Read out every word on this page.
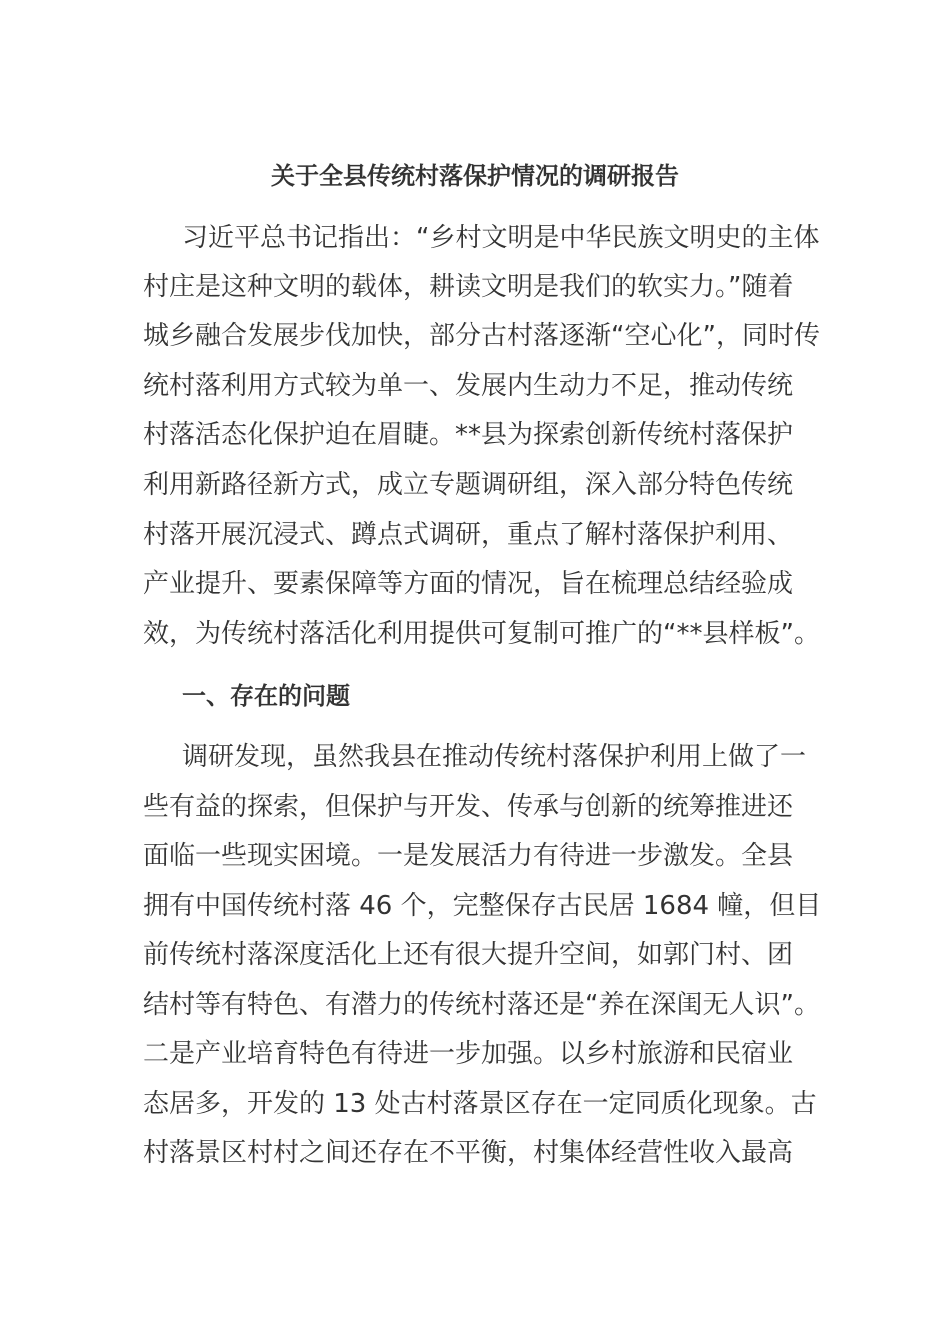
关于全县传统村落保护情况的调研报告
习近平总书记指出：“乡村文明是中华民族文明史的主体
村庄是这种文明的载体，耕读文明是我们的软实力。”随着
城乡融合发展步伐加快，部分古村落逐渐“空心化”，同时传
统村落利用方式较为单一、发展内生动力不足，推动传统
村落活态化保护迫在眉睫。**县为探索创新传统村落保护
利用新路径新方式，成立专题调研组，深入部分特色传统
村落开展沉浸式、蹲点式调研，重点了解村落保护利用、
产业提升、要素保障等方面的情况，旨在梳理总结经验成
效，为传统村落活化利用提供可复制可推广的“**县样板”。
一、存在的问题
调研发现，虽然我县在推动传统村落保护利用上做了一
些有益的探索，但保护与开发、传承与创新的统筹推进还
面临一些现实困境。一是发展活力有待进一步激发。全县
拥有中国传统村落 46 个，完整保存古民居 1684 幢，但目
前传统村落深度活化上还有很大提升空间，如郭门村、团
结村等有特色、有潜力的传统村落还是“养在深闺无人识”。
二是产业培育特色有待进一步加强。以乡村旅游和民宿业
态居多，开发的 13 处古村落景区存在一定同质化现象。古
村落景区村村之间还存在不平衡，村集体经营性收入最高
